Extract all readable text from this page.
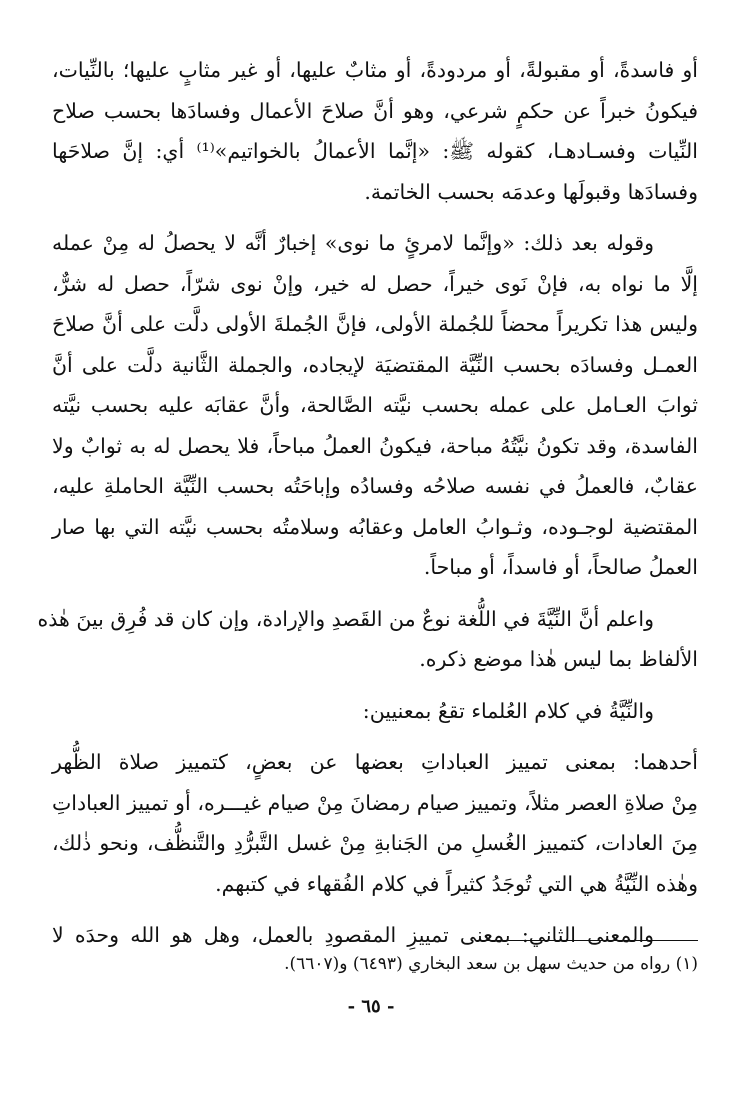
أو فاسدةً، أو مقبولةً، أو مردودةً، أو مثابٌ عليها، أو غير مثابٍ عليها؛ بالنِّيات،
فيكونُ خبراً عن حكمٍ شرعي، وهو أنَّ صلاحَ الأعمال وفسادَها بحسب صلاح
النِّيات وفسـادهـا، كقوله ﷺ: «إنَّما الأعمالُ بالخواتيم»⁽¹⁾ أي: إنَّ صلاحَها
وفسادَها وقبولَها وعدمَه بحسب الخاتمة.
وقوله بعد ذلك: «وإنَّما لامرئٍ ما نوى» إخبارٌ أنَّه لا يحصلُ له مِنْ عمله
إلَّا ما نواه به، فإنْ نَوى خيراً، حصل له خير، وإنْ نوى شرّاً، حصل له شرٌّ،
وليس هذا تكريراً محضاً للجُملة الأولى، فإنَّ الجُملةَ الأولى دلَّت على أنَّ صلاحَ
العمـل وفسادَه بحسب النِّيَّة المقتضيَة لإيجاده، والجملة الثَّانية دلَّت على أنَّ
ثوابَ العـامل على عمله بحسب نيَّته الصَّالحة، وأنَّ عقابَه عليه بحسب نيَّته
الفاسدة، وقد تكونُ نيَّتُهُ مباحة، فيكونُ العملُ مباحاً، فلا يحصل له به ثوابٌ ولا
عقابٌ، فالعملُ في نفسه صلاحُه وفسادُه وإباحَتُه بحسب النِّيَّة الحاملةِ عليه،
المقتضية لوجـوده، وثـوابُ العامل وعقابُه وسلامتُه بحسب نيَّته التي بها صار
العملُ صالحاً، أو فاسداً، أو مباحاً.
واعلم أنَّ النِّيَّةَ في اللُّغة نوعٌ من القَصدِ والإرادة، وإن كان قد فُرِق بينَ هٰذه
الألفاظ بما ليس هٰذا موضع ذكره.
والنِّيَّةُ في كلام العُلماء تقعُ بمعنيين:
أحدهما: بمعنى تمييز العباداتِ بعضها عن بعضٍ، كتمييز صلاة الظُّهر
مِنْ صلاةِ العصر مثلاً، وتمييز صيام رمضانَ مِنْ صيام غيـــره، أو تمييز العباداتِ
مِنَ العادات، كتمييز الغُسلِ من الجَنابةِ مِنْ غسل التَّبرُّدِ والتَّنظُّف، ونحو ذٰلك،
وهٰذه النِّيَّةُ هي التي تُوجَدُ كثيراً في كلام الفُقهاء في كتبهم.
والمعنى الثاني: بمعنى تمييزِ المقصودِ بالعمل، وهل هو الله وحدَه لا
(١) رواه من حديث سهل بن سعد البخاري (٦٤٩٣) و(٦٦٠٧).
- ٦٥ -
